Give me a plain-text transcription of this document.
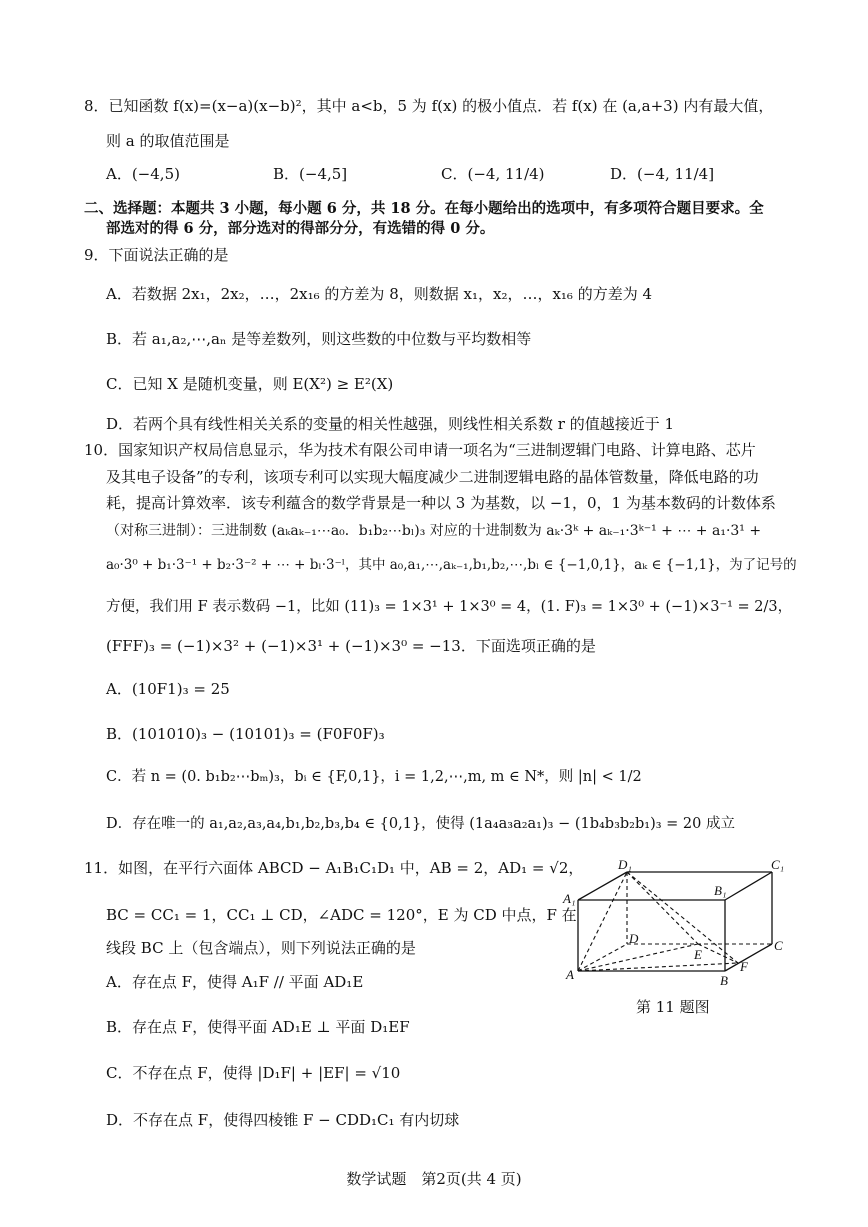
8．已知函数 f(x)=(x−a)(x−b)²，其中 a<b，5 为 f(x) 的极小值点．若 f(x) 在 (a,a+3) 内有最大值，
则 a 的取值范围是
A．(−4,5)	B．(−4,5]	C．(−4, 11/4)	D．(−4, 11/4]
二、选择题：本题共 3 小题，每小题 6 分，共 18 分。在每小题给出的选项中，有多项符合题目要求。全
部选对的得 6 分，部分选对的得部分分，有选错的得 0 分。
9．下面说法正确的是
A．若数据 2x₁，2x₂，…，2x₁₆ 的方差为 8，则数据 x₁，x₂，…，x₁₆ 的方差为 4
B．若 a₁,a₂,⋯,aₙ 是等差数列，则这些数的中位数与平均数相等
C．已知 X 是随机变量，则 E(X²) ≥ E²(X)
D．若两个具有线性相关关系的变量的相关性越强，则线性相关系数 r 的值越接近于 1
10．国家知识产权局信息显示，华为技术有限公司申请一项名为“三进制逻辑门电路、计算电路、芯片
及其电子设备”的专利，该项专利可以实现大幅度减少二进制逻辑电路的晶体管数量，降低电路的功
耗，提高计算效率．该专利蕴含的数学背景是一种以 3 为基数，以 −1，0，1 为基本数码的计数体系
（对称三进制）：三进制数 (aₖaₖ₋₁⋯a₀．b₁b₂⋯bₗ)₃ 对应的十进制数为 aₖ·3ᵏ + aₖ₋₁·3ᵏ⁻¹ + ⋯ + a₁·3¹ +
a₀·3⁰ + b₁·3⁻¹ + b₂·3⁻² + ⋯ + bₗ·3⁻ˡ，其中 a₀,a₁,⋯,aₖ₋₁,b₁,b₂,⋯,bₗ ∈ {−1,0,1}，aₖ ∈ {−1,1}，为了记号的
方便，我们用 F 表示数码 −1，比如 (11)₃ = 1×3¹ + 1×3⁰ = 4，(1. F)₃ = 1×3⁰ + (−1)×3⁻¹ = 2/3，
(FFF)₃ = (−1)×3² + (−1)×3¹ + (−1)×3⁰ = −13．下面选项正确的是
A．(10F1)₃ = 25
B．(101010)₃ − (10101)₃ = (F0F0F)₃
C．若 n = (0. b₁b₂⋯bₘ)₃，bᵢ ∈ {F,0,1}，i = 1,2,⋯,m, m ∈ N*，则 |n| < 1/2
D．存在唯一的 a₁,a₂,a₃,a₄,b₁,b₂,b₃,b₄ ∈ {0,1}，使得 (1a₄a₃a₂a₁)₃ − (1b₄b₃b₂b₁)₃ = 20 成立
11．如图，在平行六面体 ABCD − A₁B₁C₁D₁ 中，AB = 2，AD₁ = √2，
BC = CC₁ = 1，CC₁ ⊥ CD，∠ADC = 120°，E 为 CD 中点，F 在
线段 BC 上（包含端点），则下列说法正确的是
A．存在点 F，使得 A₁F // 平面 AD₁E
B．存在点 F，使得平面 AD₁E ⊥ 平面 D₁EF
C．不存在点 F，使得 |D₁F| + |EF| = √10
D．不存在点 F，使得四棱锥 F − CDD₁C₁ 有内切球
D₁	C₁
A₁
B₁
D	C
A	B
E
F
第 11 题图
数学试题　第2页(共 4 页)
